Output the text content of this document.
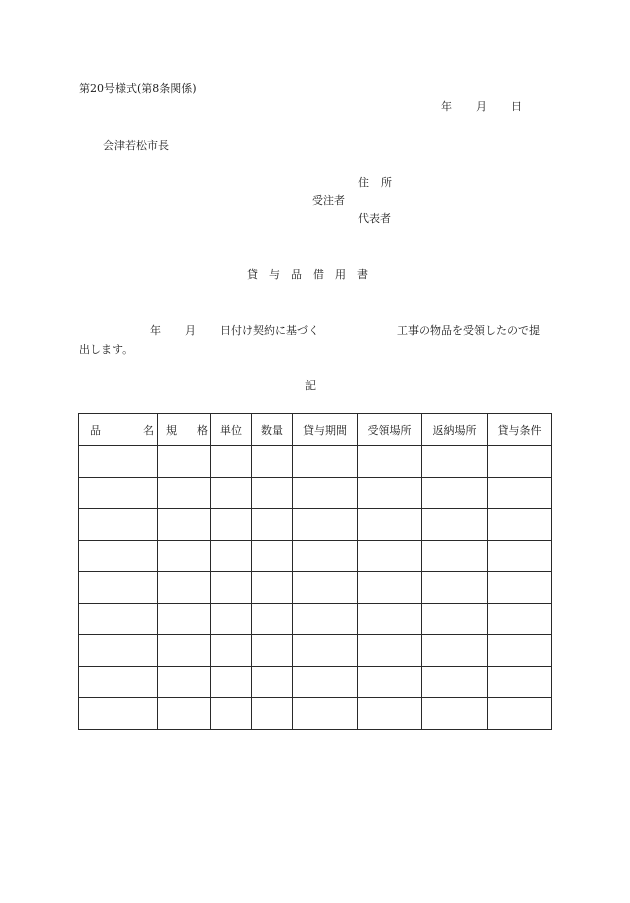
第20号様式(第8条関係)
年 月 日
会津若松市長
住 所
受注者
代表者
貸 与 品 借 用 書
年 月 日付け契約に基づく	工事の物品を受領したので提
出します。
記
品 名	規 格	単位	数量	貸与期間	受領場所	返納場所	貸与条件
